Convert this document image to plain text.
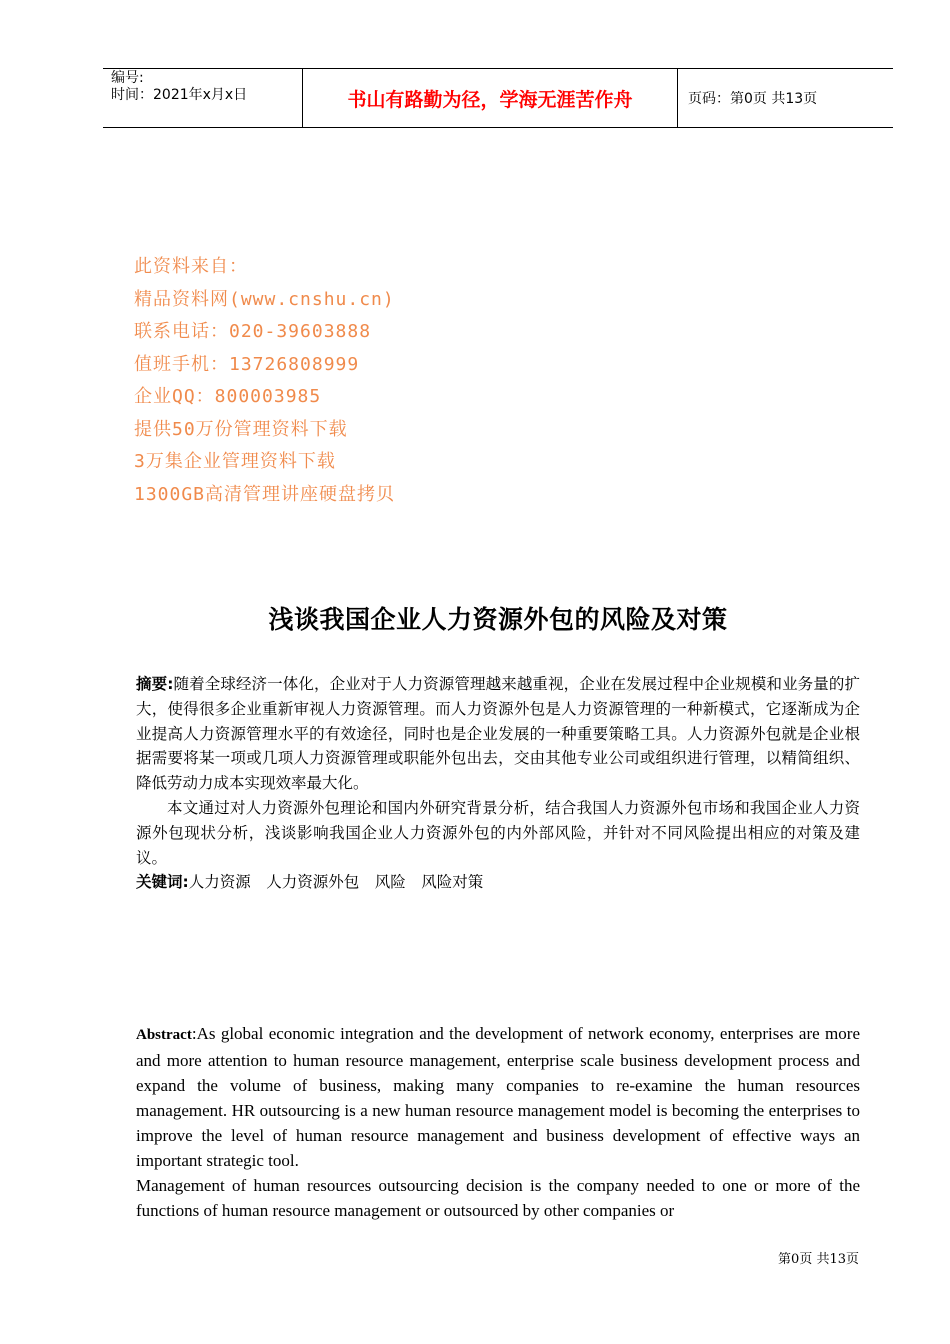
编号:
时间：2021年x月x日	书山有路勤为径，学海无涯苦作舟	页码：第0页 共13页
此资料来自：
精品资料网(www.cnshu.cn)
联系电话：020-39603888
值班手机：13726808999
企业QQ：800003985
提供50万份管理资料下载
3万集企业管理资料下载
1300GB高清管理讲座硬盘拷贝
浅谈我国企业人力资源外包的风险及对策

摘要:随着全球经济一体化，企业对于人力资源管理越来越重视，企业在发展过程中企业规模和业务量的扩大，使得很多企业重新审视人力资源管理。而人力资源外包是人力资源管理的一种新模式，它逐渐成为企业提高人力资源管理水平的有效途径，同时也是企业发展的一种重要策略工具。人力资源外包就是企业根据需要将某一项或几项人力资源管理或职能外包出去，交由其他专业公司或组织进行管理，以精简组织、降低劳动力成本实现效率最大化。

本文通过对人力资源外包理论和国内外研究背景分析，结合我国人力资源外包市场和我国企业人力资源外包现状分析，浅谈影响我国企业人力资源外包的内外部风险，并针对不同风险提出相应的对策及建议。

关键词:人力资源　人力资源外包　风险　风险对策

Abstract:As global economic integration and the development of network economy, enterprises are more and more attention to human resource management, enterprise scale business development process and expand the volume of business, making many companies to re-examine the human resources management. HR outsourcing is a new human resource management model is becoming the enterprises to improve the level of human resource management and business development of effective ways an important strategic tool.

Management of human resources outsourcing decision is the company needed to one or more of the functions of human resource management or outsourced by other companies or

第0页 共13页
